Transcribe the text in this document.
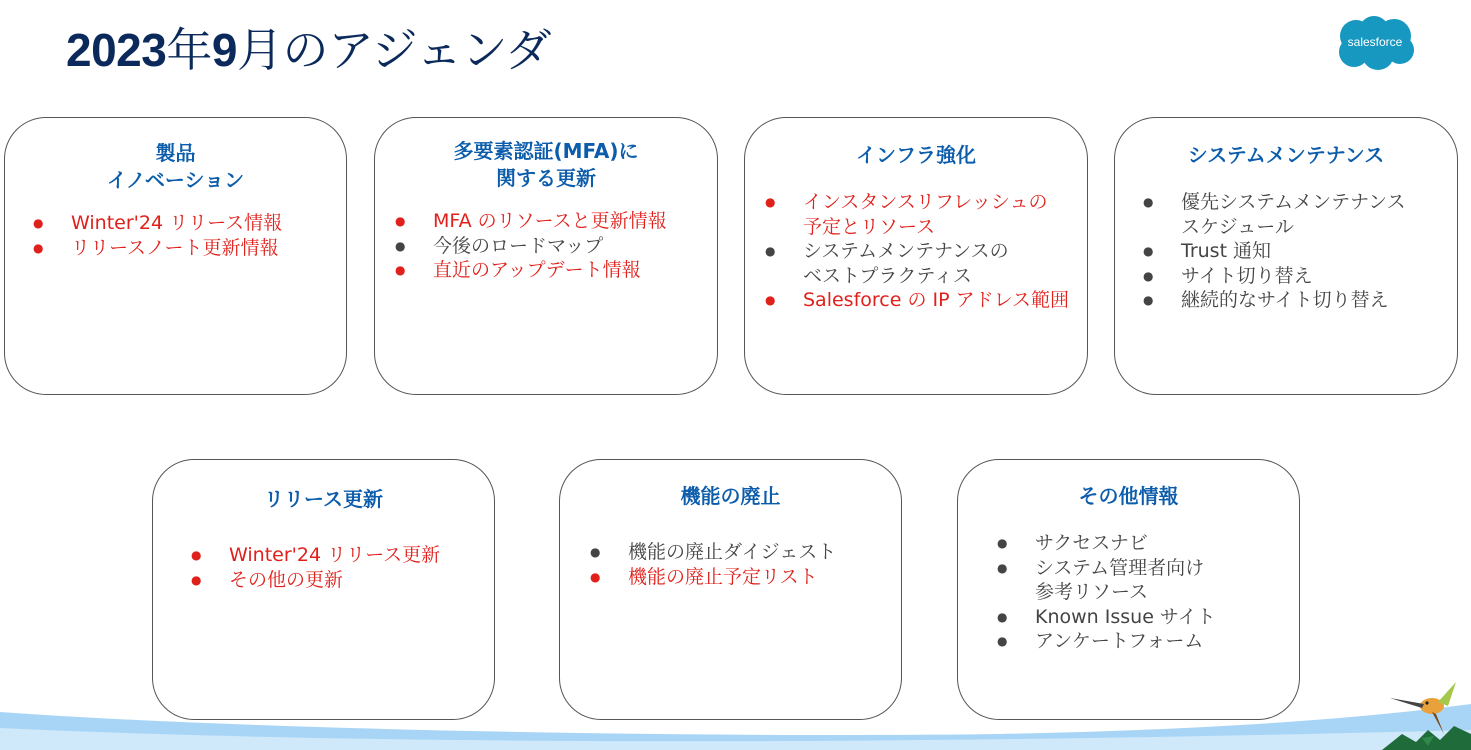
2023年9月のアジェンダ	salesforce
製品
イノベーション
● Winter'24 リリース情報
● リリースノート更新情報
多要素認証(MFA)に
関する更新
● MFA のリソースと更新情報
● 今後のロードマップ
● 直近のアップデート情報
インフラ強化
● インスタンスリフレッシュの
予定とリソース
● システムメンテナンスの
ベストプラクティス
● Salesforce の IP アドレス範囲
システムメンテナンス
● 優先システムメンテナンス
スケジュール
● Trust 通知
● サイト切り替え
● 継続的なサイト切り替え
リリース更新
● Winter'24 リリース更新
● その他の更新
機能の廃止
● 機能の廃止ダイジェスト
● 機能の廃止予定リスト
その他情報
● サクセスナビ
● システム管理者向け
参考リソース
● Known Issue サイト
● アンケートフォーム
